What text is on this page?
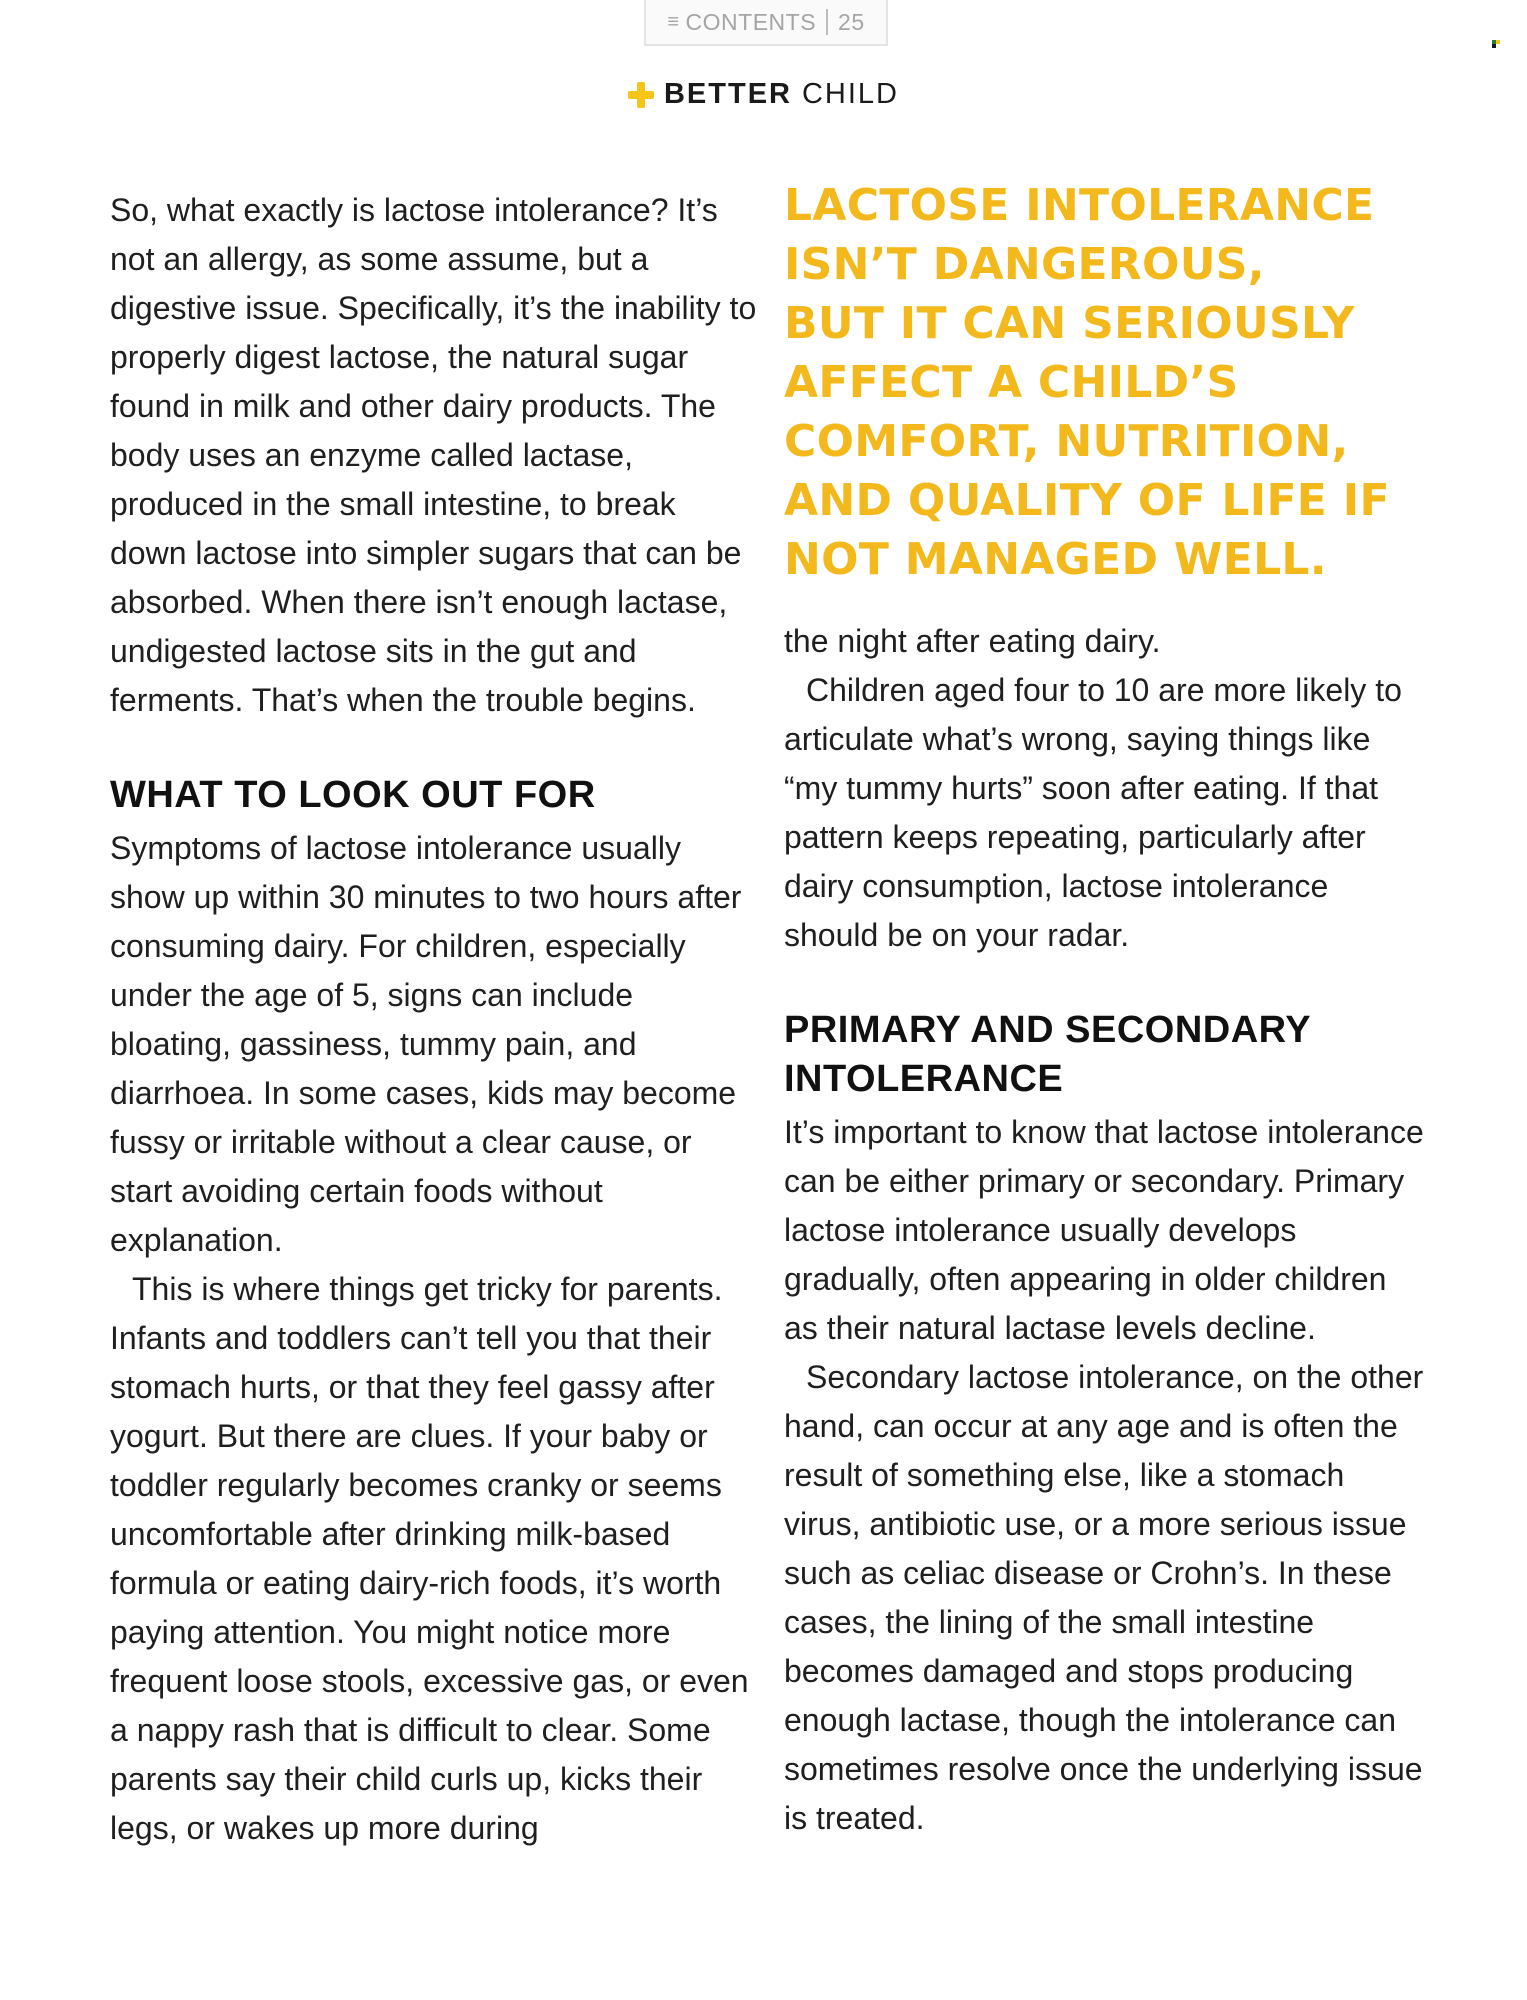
≡ CONTENTS 25
BETTER CHILD

So, what exactly is lactose intolerance? It’s not an allergy, as some assume, but a digestive issue. Specifically, it’s the inability to properly digest lactose, the natural sugar found in milk and other dairy products. The body uses an enzyme called lactase, produced in the small intestine, to break down lactose into simpler sugars that can be absorbed. When there isn’t enough lactase, undigested lactose sits in the gut and ferments. That’s when the trouble begins.

WHAT TO LOOK OUT FOR

Symptoms of lactose intolerance usually show up within 30 minutes to two hours after consuming dairy. For children, especially under the age of 5, signs can include bloating, gassiness, tummy pain, and diarrhoea. In some cases, kids may become fussy or irritable without a clear cause, or start avoiding certain foods without explanation.

This is where things get tricky for parents. Infants and toddlers can’t tell you that their stomach hurts, or that they feel gassy after yogurt. But there are clues. If your baby or toddler regularly becomes cranky or seems uncomfortable after drinking milk-based formula or eating dairy-rich foods, it’s worth paying attention. You might notice more frequent loose stools, excessive gas, or even a nappy rash that is difficult to clear. Some parents say their child curls up, kicks their legs, or wakes up more during

LACTOSE INTOLERANCE
ISN’T DANGEROUS,
BUT IT CAN SERIOUSLY
AFFECT A CHILD’S
COMFORT, NUTRITION,
AND QUALITY OF LIFE IF
NOT MANAGED WELL.

the night after eating dairy.

Children aged four to 10 are more likely to articulate what’s wrong, saying things like “my tummy hurts” soon after eating. If that pattern keeps repeating, particularly after dairy consumption, lactose intolerance should be on your radar.

PRIMARY AND SECONDARY INTOLERANCE

It’s important to know that lactose intolerance can be either primary or secondary. Primary lactose intolerance usually develops gradually, often appearing in older children as their natural lactase levels decline.

Secondary lactose intolerance, on the other hand, can occur at any age and is often the result of something else, like a stomach virus, antibiotic use, or a more serious issue such as celiac disease or Crohn’s. In these cases, the lining of the small intestine becomes damaged and stops producing enough lactase, though the intolerance can sometimes resolve once the underlying issue is treated.
